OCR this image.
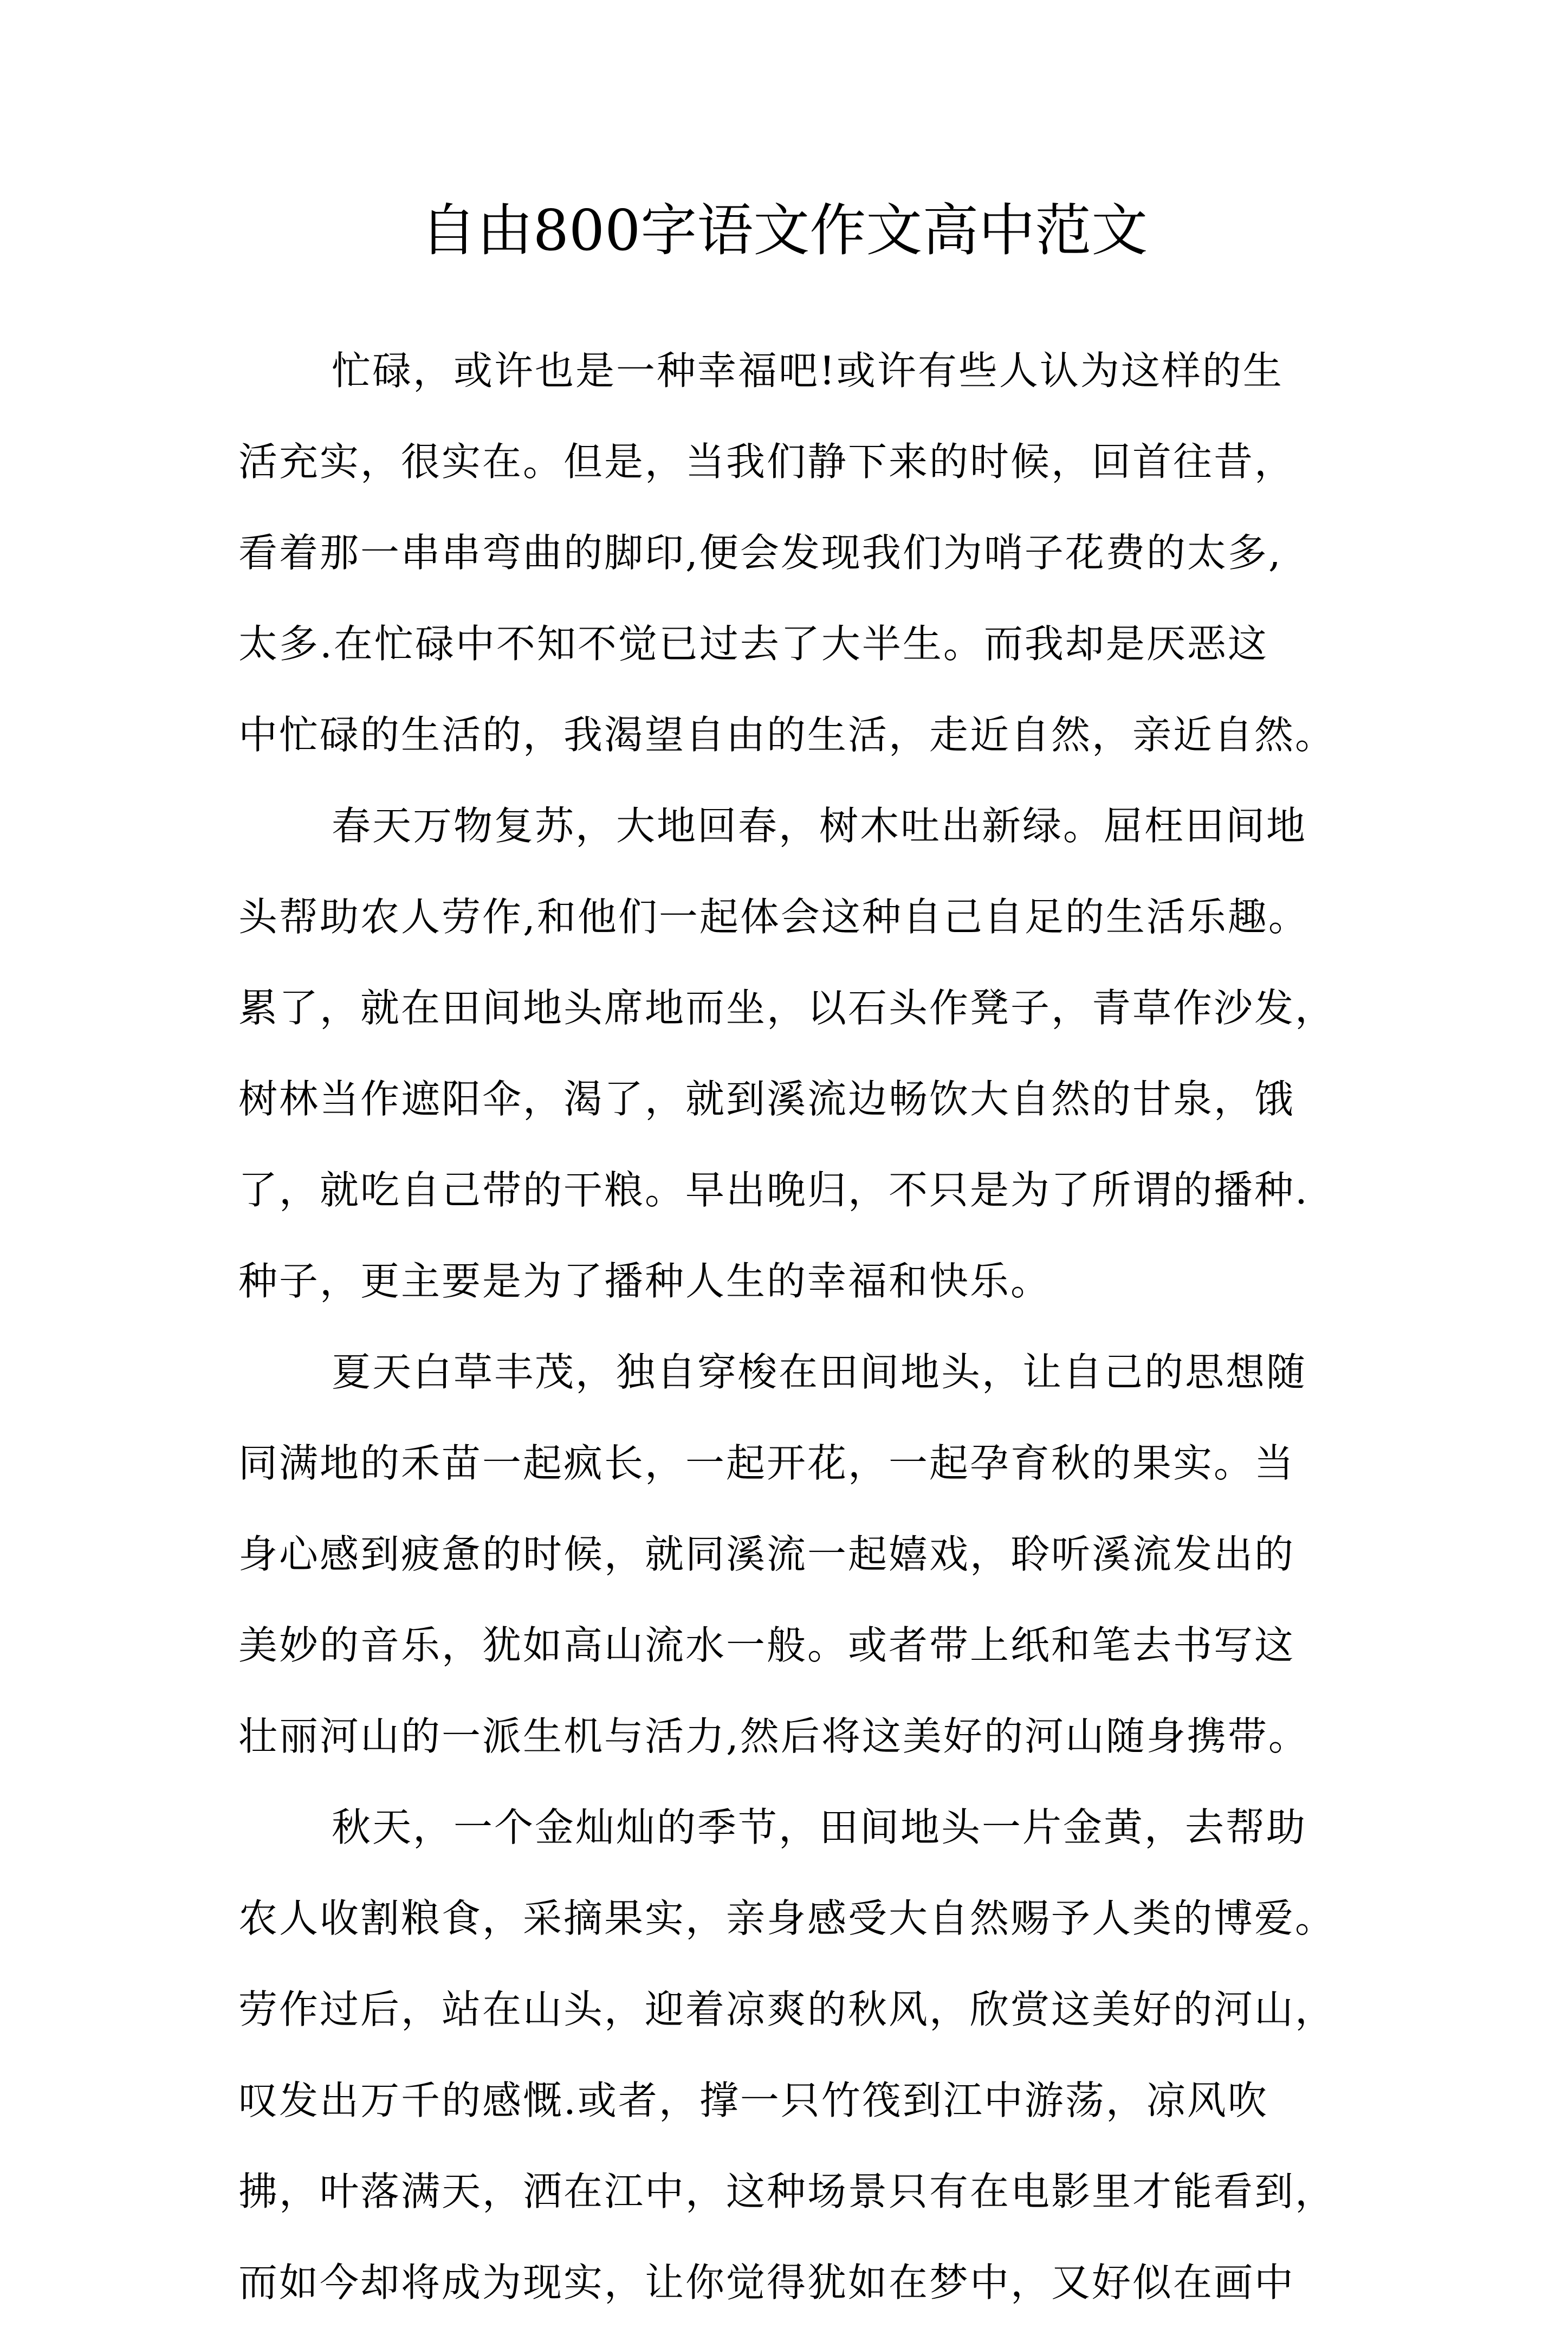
自由800字语文作文高中范文
忙碌，或许也是一种幸福吧!或许有些人认为这样的生
活充实，很实在。但是，当我们静下来的时候，回首往昔，
看着那一串串弯曲的脚印,便会发现我们为哨子花费的太多,
太多.在忙碌中不知不觉已过去了大半生。而我却是厌恶这
中忙碌的生活的，我渴望自由的生活，走近自然，亲近自然。
春天万物复苏，大地回春，树木吐出新绿。屈枉田间地
头帮助农人劳作,和他们一起体会这种自己自足的生活乐趣。
累了，就在田间地头席地而坐，以石头作凳子，青草作沙发，
树林当作遮阳伞，渴了，就到溪流边畅饮大自然的甘泉，饿
了，就吃自己带的干粮。早出晚归，不只是为了所谓的播种.
种子，更主要是为了播种人生的幸福和快乐。
夏天白草丰茂，独自穿梭在田间地头，让自己的思想随
同满地的禾苗一起疯长，一起开花，一起孕育秋的果实。当
身心感到疲惫的时候，就同溪流一起嬉戏，聆听溪流发出的
美妙的音乐，犹如高山流水一般。或者带上纸和笔去书写这
壮丽河山的一派生机与活力,然后将这美好的河山随身携带。
秋天，一个金灿灿的季节，田间地头一片金黄，去帮助
农人收割粮食，采摘果实，亲身感受大自然赐予人类的博爱。
劳作过后，站在山头，迎着凉爽的秋风，欣赏这美好的河山，
叹发出万千的感慨.或者，撑一只竹筏到江中游荡，凉风吹
拂，叶落满天，洒在江中，这种场景只有在电影里才能看到，
而如今却将成为现实，让你觉得犹如在梦中，又好似在画中
